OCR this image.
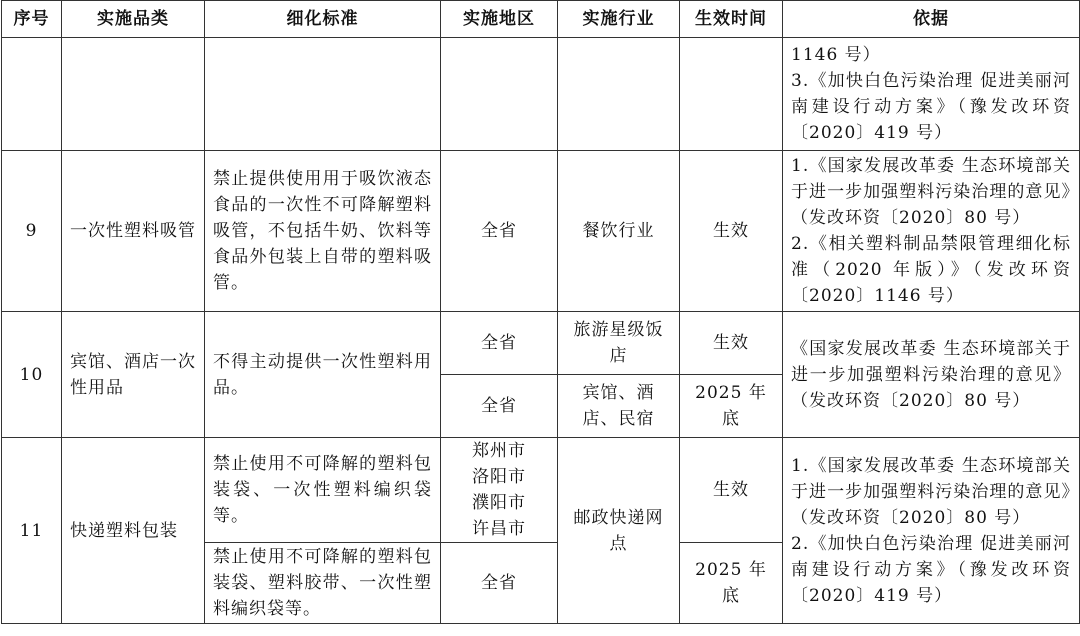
序号	实施品类	细化标准	实施地区	实施行业	生效时间	依据
						1146 号）
3.《加快白色污染治理 促进美丽河南建设行动方案》（豫发改环资〔2020〕419 号）
9	一次性塑料吸管	禁止提供使用用于吸饮液态食品的一次性不可降解塑料吸管，不包括牛奶、饮料等食品外包装上自带的塑料吸管。	全省	餐饮行业	生效	1.《国家发展改革委 生态环境部关于进一步加强塑料污染治理的意见》（发改环资〔2020〕80 号）
2.《相关塑料制品禁限管理细化标准（2020 年版）》（发改环资〔2020〕1146 号）
10	宾馆、酒店一次性用品	不得主动提供一次性塑料用品。	全省	旅游星级饭店	生效	《国家发展改革委 生态环境部关于进一步加强塑料污染治理的意见》（发改环资〔2020〕80 号）
			全省	宾馆、酒店、民宿	2025 年底	
11	快递塑料包装	禁止使用不可降解的塑料包装袋、一次性塑料编织袋等。	郑州市
洛阳市
濮阳市
许昌市	邮政快递网点	生效	1.《国家发展改革委 生态环境部关于进一步加强塑料污染治理的意见》（发改环资〔2020〕80 号）
2.《加快白色污染治理 促进美丽河南建设行动方案》（豫发改环资〔2020〕419 号）
		禁止使用不可降解的塑料包装袋、塑料胶带、一次性塑料编织袋等。	全省		2025 年底	
